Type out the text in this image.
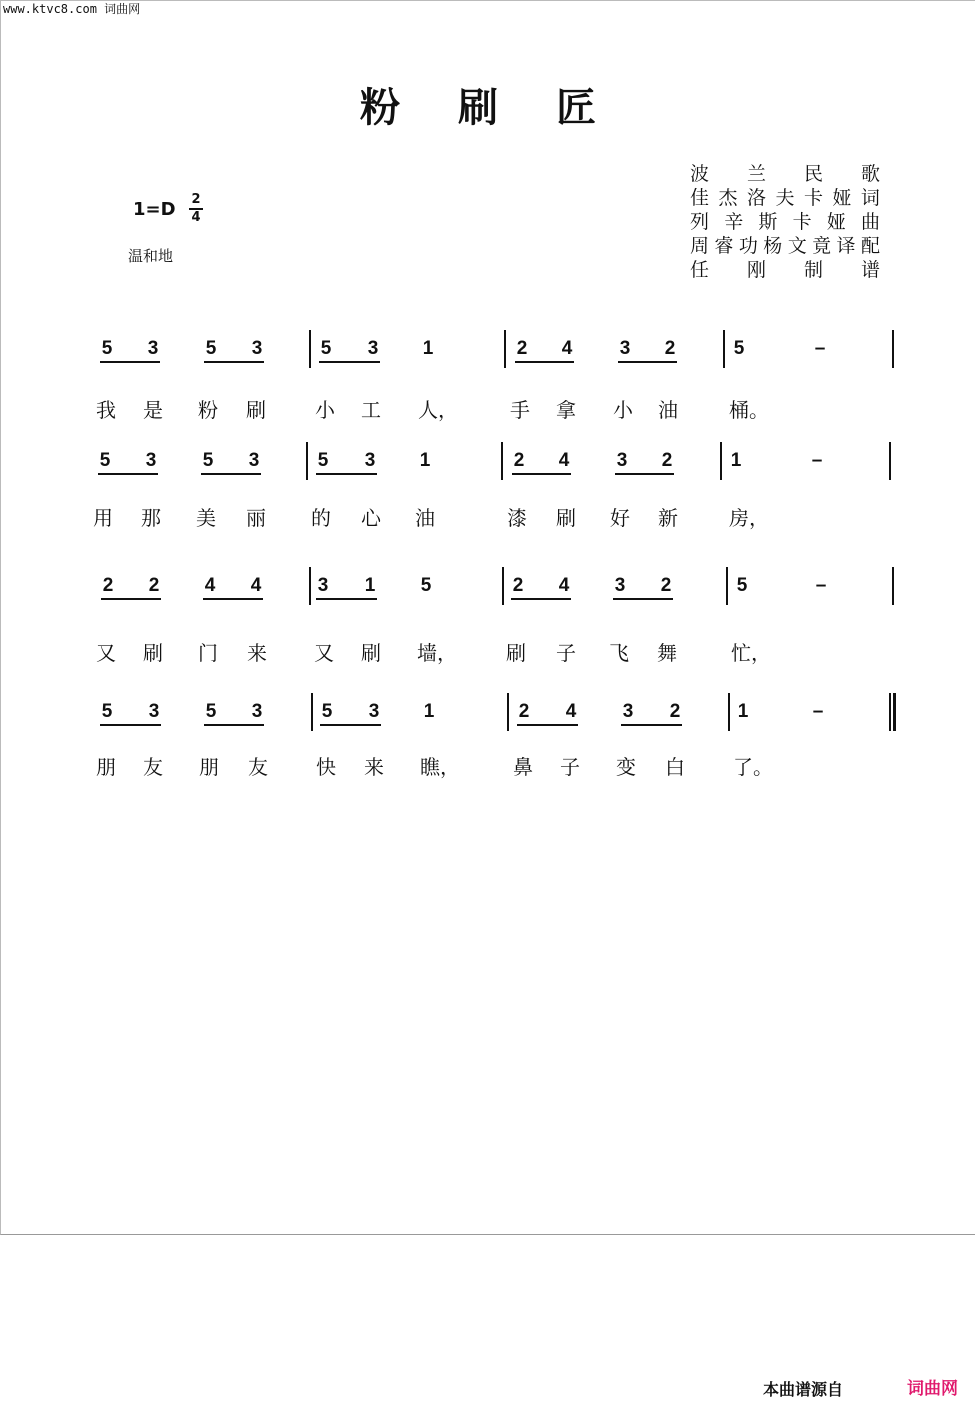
www.ktvc8.com 词曲网
粉刷匠
波 兰 民 歌
佳 杰 洛 夫 卡 娅 词
列 辛 斯 卡 娅 曲
周 睿 功 杨 文 竟 译 配
任 刚 制 谱
1=D 2
4
温和地
5	3	5	3	5	3	1	2	4	3	2	5	–
我 是 粉 刷 小 工 人，	手 拿 小 油	桶。
5	3	5	3	5	3	1	2	4	3	2	1	–
用 那 美 丽 的 心 油	漆 刷 好 新	房，
2	2	4	4	3	1	5	2	4	3	2	5	–
又 刷 门 来 又 刷 墙， 刷 子 飞 舞	忙，
5	3	5	3	5	3	1	2	4	3	2	1	–
朋 友 朋 友 快 来 瞧，	鼻 子 变 白 了。
本曲谱源自	词曲网
